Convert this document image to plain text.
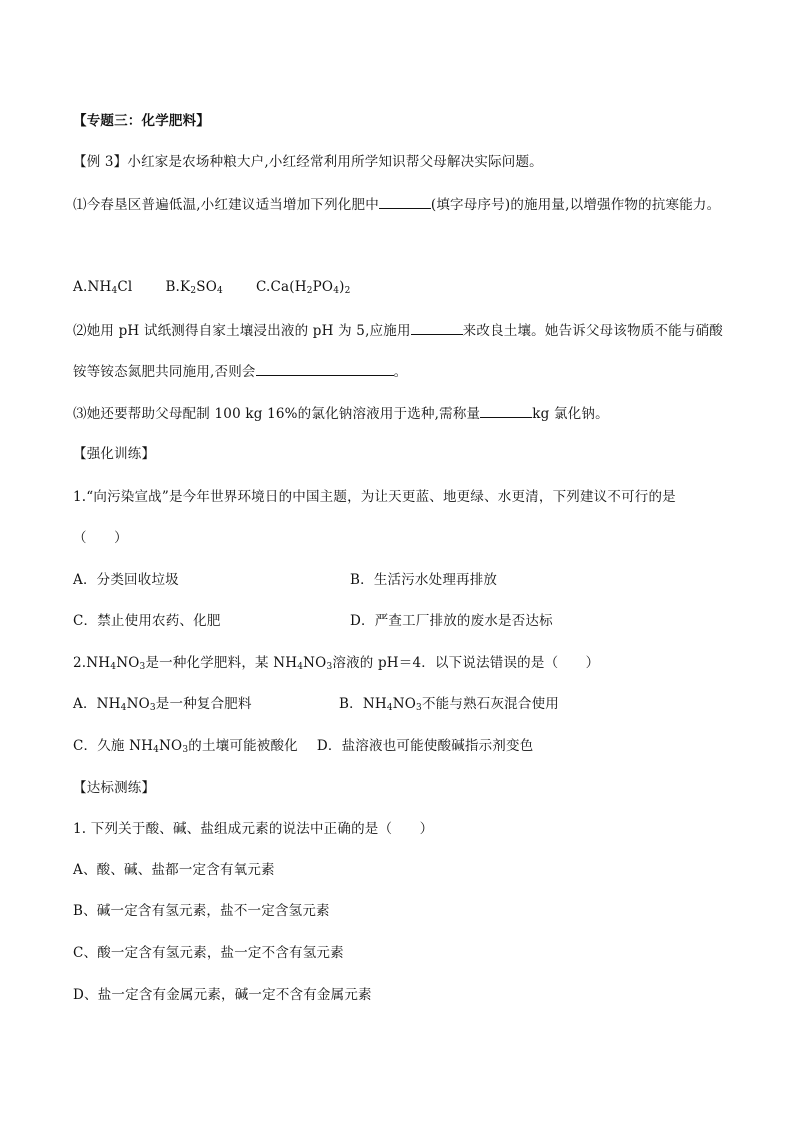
【专题三：化学肥料】
【例 3】小红家是农场种粮大户,小红经常利用所学知识帮父母解决实际问题。
⑴今春垦区普遍低温,小红建议适当增加下列化肥中	(填字母序号)的施用量,以增强作物的抗寒能力。
$A.NH_4Cl$ $B.K_2SO_4$ $C.Ca(H_2PO_4)_2$
⑵她用 pH 试纸测得自家土壤浸出液的 pH 为 5,应施用	来改良土壤。她告诉父母该物质不能与硝酸
铵等铵态氮肥共同施用,否则会	。
⑶她还要帮助父母配制 100 kg 16%的氯化钠溶液用于选种,需称量	kg 氯化钠。
【强化训练】
1.“向污染宣战”是今年世界环境日的中国主题，为让天更蓝、地更绿、水更清，下列建议不可行的是
（　　）
A．分类回收垃圾	B．生活污水处理再排放
C．禁止使用农药、化肥	D．严查工厂排放的废水是否达标
$2.NH_4NO_3$是一种化学肥料，某 $NH_4NO_3$溶液的 pH＝4．以下说法错误的是（　　）
A．$NH_4NO_3$是一种复合肥料	B．$NH_4NO_3$不能与熟石灰混合使用
C．久施 $NH_4NO_3$的土壤可能被酸化 D．盐溶液也可能使酸碱指示剂变色
【达标测练】
1. 下列关于酸、碱、盐组成元素的说法中正确的是（　　）
A、酸、碱、盐都一定含有氧元素
B、碱一定含有氢元素，盐不一定含氢元素
C、酸一定含有氢元素，盐一定不含有氢元素
D、盐一定含有金属元素，碱一定不含有金属元素
